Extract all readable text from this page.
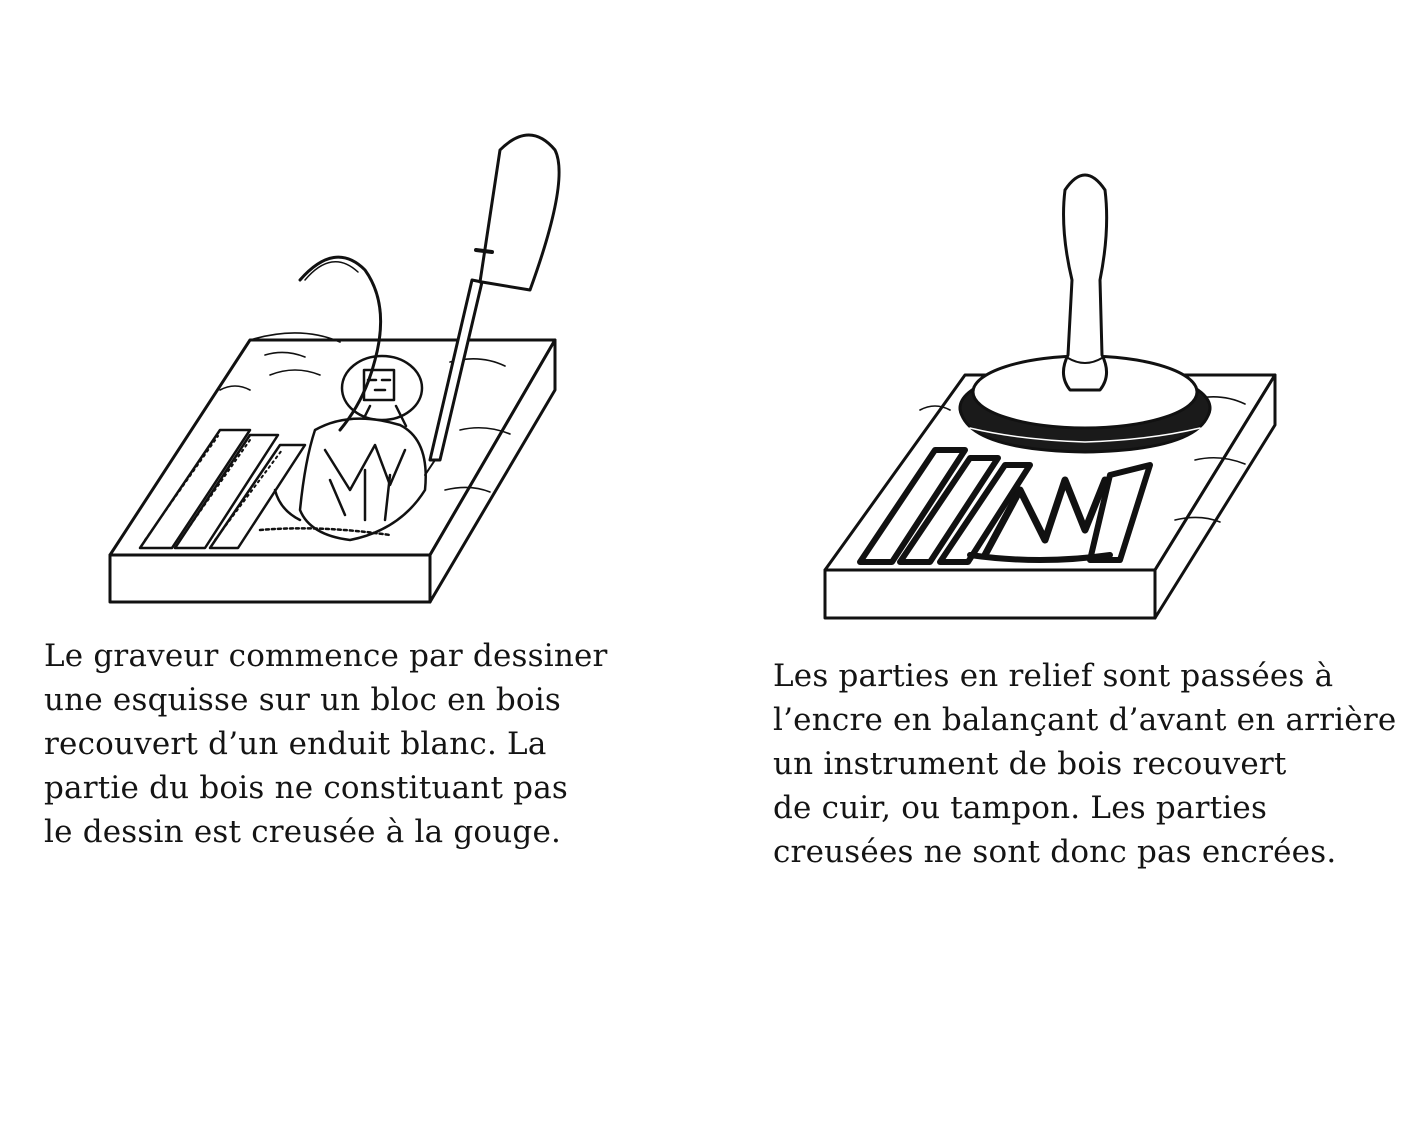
Le graveur commence par dessiner
une esquisse sur un bloc en bois
recouvert d’un enduit blanc. La
partie du bois ne constituant pas
le dessin est creusée à la gouge.

Les parties en relief sont passées à
l’encre en balançant d’avant en arrière
un instrument de bois recouvert
de cuir, ou tampon. Les parties
creusées ne sont donc pas encrées.
